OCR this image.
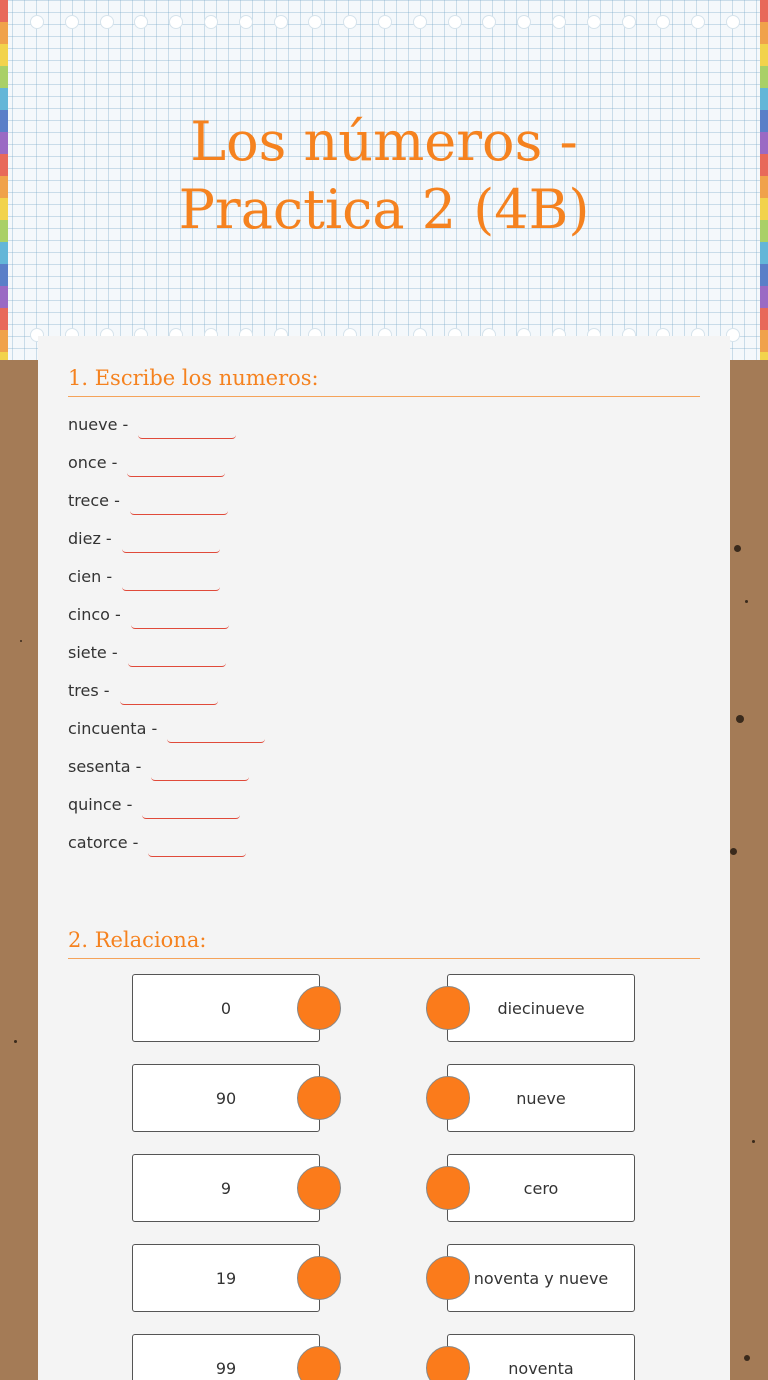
Los números -
Practica 2 (4B)
1. Escribe los numeros:
nueve -
once -
trece -
diez -
cien -
cinco -
siete -
tres -
cincuenta -
sesenta -
quince -
catorce -
2. Relaciona:
0	diecinueve
90	nueve
9	cero
19	noventa y nueve
99	noventa
